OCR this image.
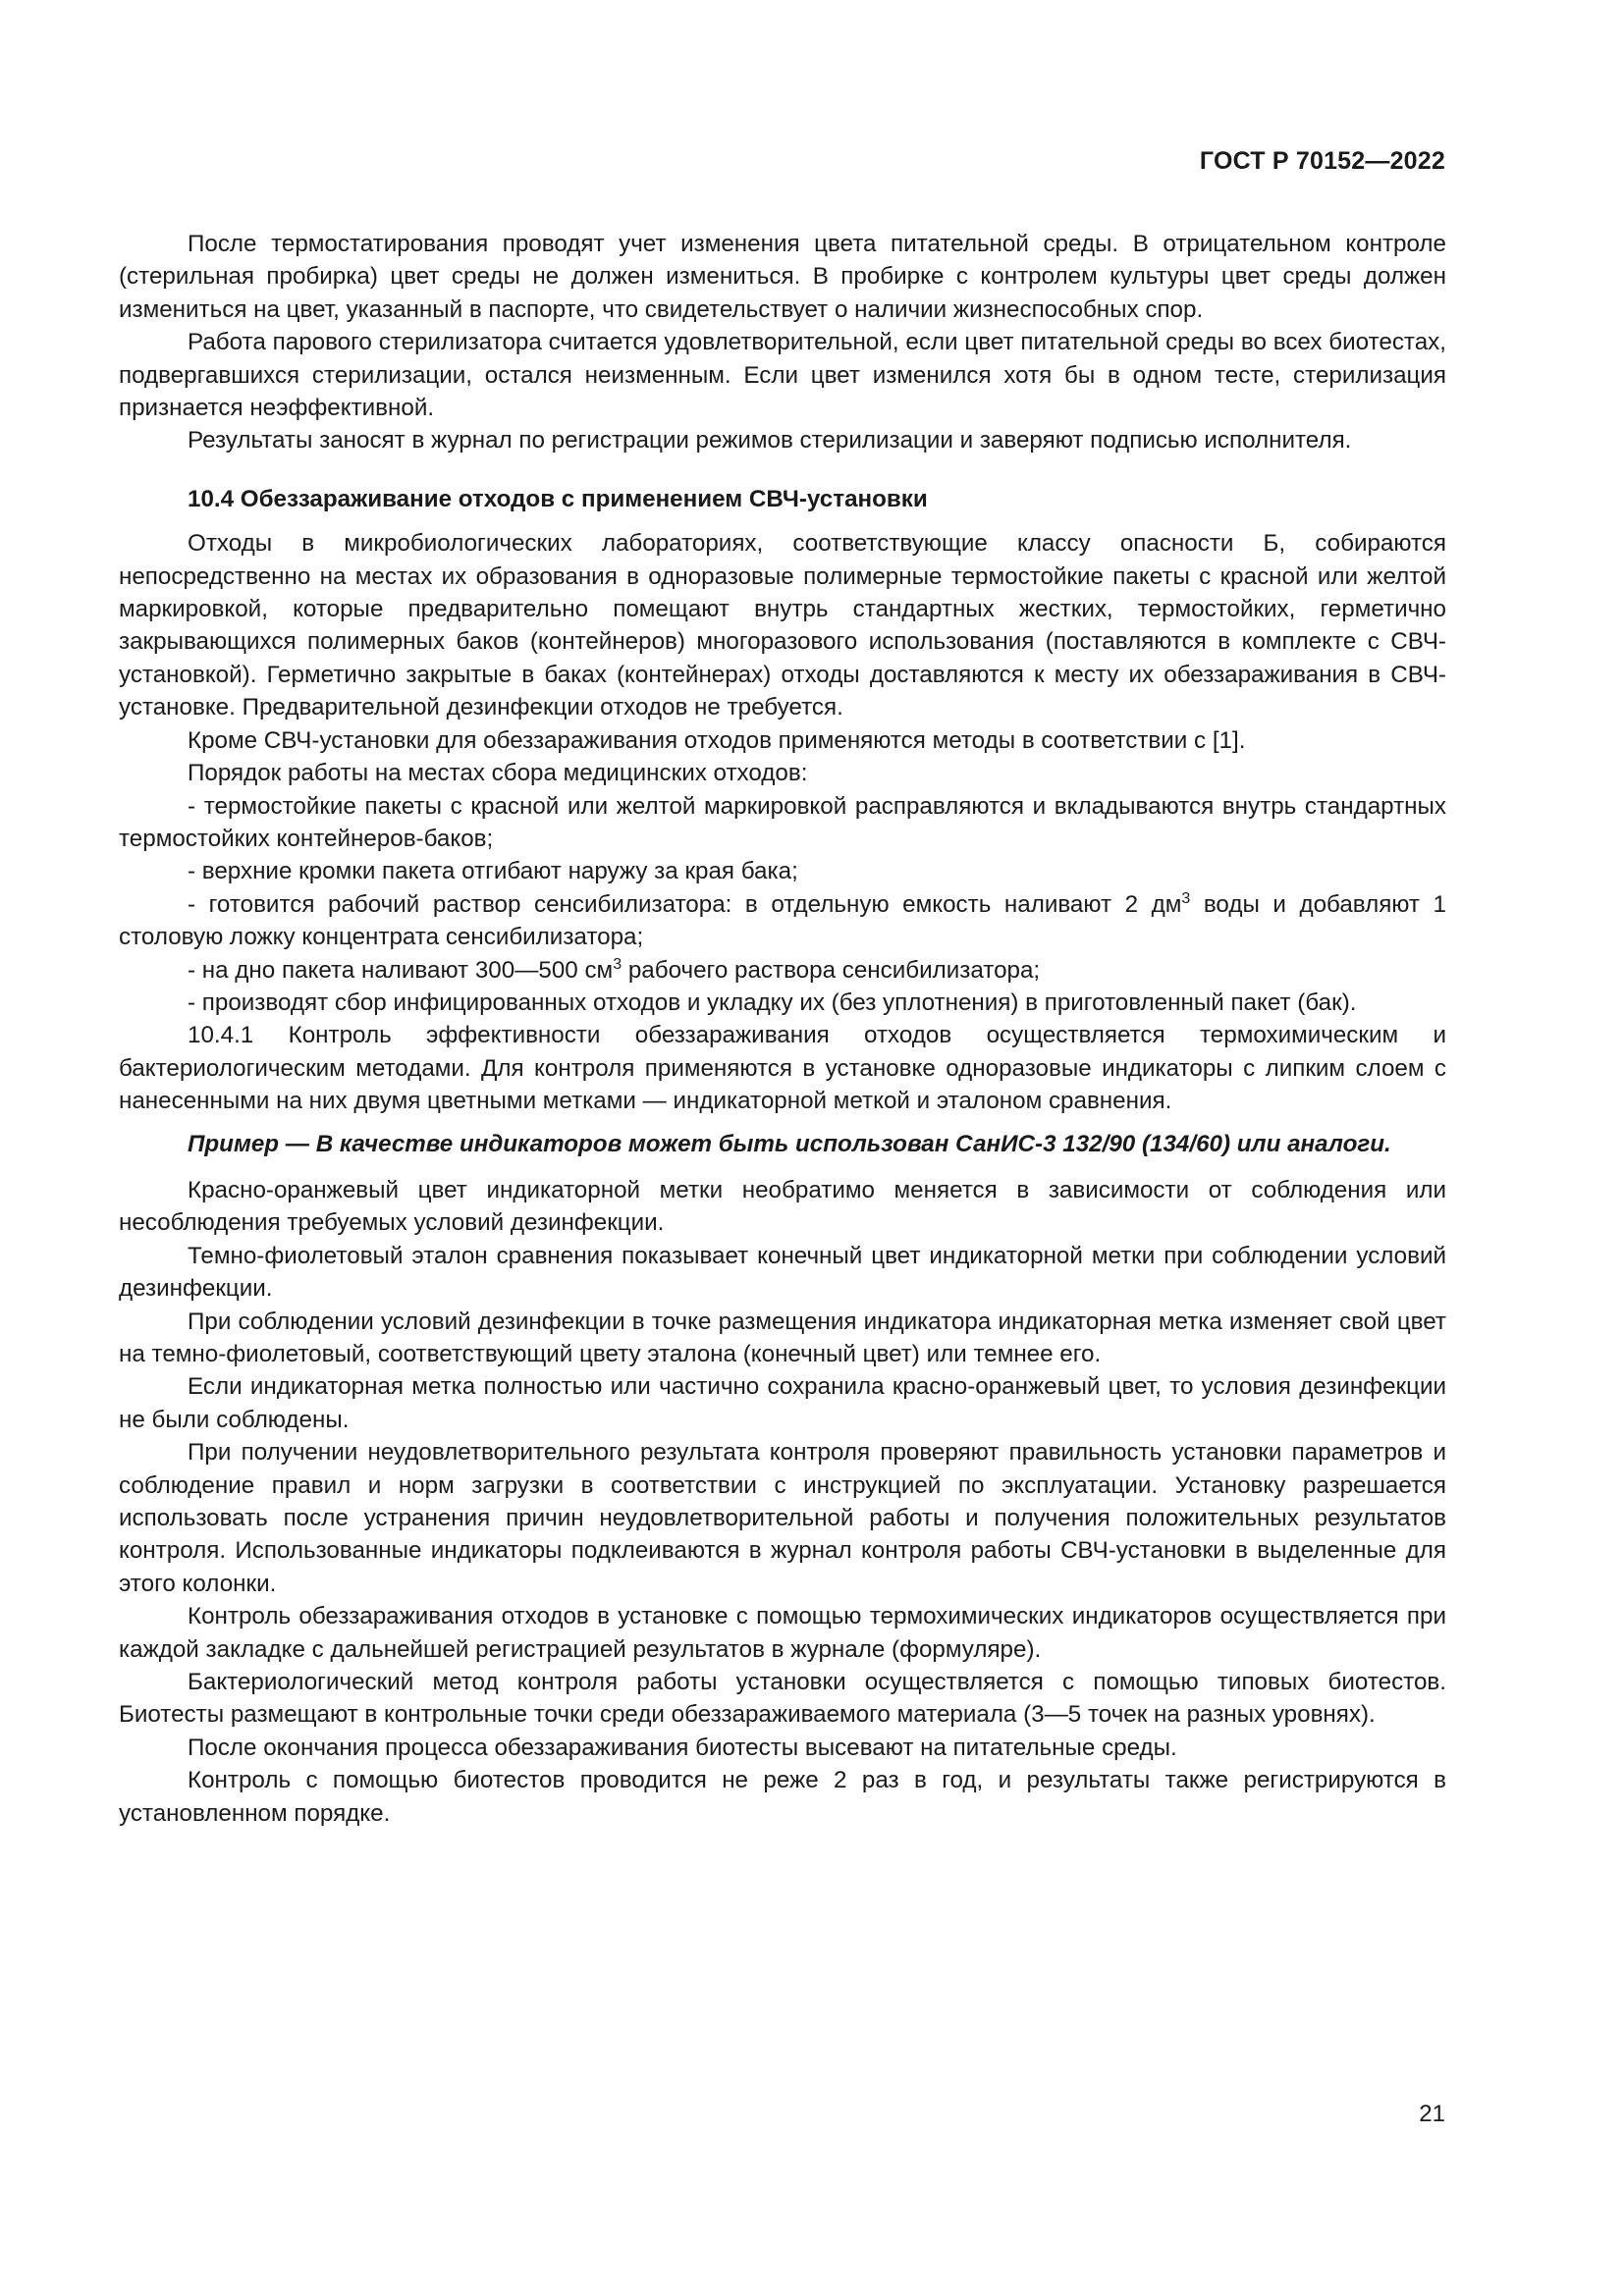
ГОСТ Р 70152—2022

После термостатирования проводят учет изменения цвета питательной среды. В отрицательном контроле (стерильная пробирка) цвет среды не должен измениться. В пробирке с контролем культуры цвет среды должен измениться на цвет, указанный в паспорте, что свидетельствует о наличии жизнеспособных спор.

Работа парового стерилизатора считается удовлетворительной, если цвет питательной среды во всех биотестах, подвергавшихся стерилизации, остался неизменным. Если цвет изменился хотя бы в одном тесте, стерилизация признается неэффективной.

Результаты заносят в журнал по регистрации режимов стерилизации и заверяют подписью исполнителя.

10.4 Обеззараживание отходов с применением СВЧ-установки

Отходы в микробиологических лабораториях, соответствующие классу опасности Б, собираются непосредственно на местах их образования в одноразовые полимерные термостойкие пакеты с красной или желтой маркировкой, которые предварительно помещают внутрь стандартных жестких, термостойких, герметично закрывающихся полимерных баков (контейнеров) многоразового использования (поставляются в комплекте с СВЧ-установкой). Герметично закрытые в баках (контейнерах) отходы доставляются к месту их обеззараживания в СВЧ-установке. Предварительной дезинфекции отходов не требуется.

Кроме СВЧ-установки для обеззараживания отходов применяются методы в соответствии с [1].

Порядок работы на местах сбора медицинских отходов:

- термостойкие пакеты с красной или желтой маркировкой расправляются и вкладываются внутрь стандартных термостойких контейнеров-баков;

- верхние кромки пакета отгибают наружу за края бака;

- готовится рабочий раствор сенсибилизатора: в отдельную емкость наливают 2 $дм^3$ воды и добавляют 1 столовую ложку концентрата сенсибилизатора;

- на дно пакета наливают 300—500 $см^3$ рабочего раствора сенсибилизатора;

- производят сбор инфицированных отходов и укладку их (без уплотнения) в приготовленный пакет (бак).

10.4.1 Контроль эффективности обеззараживания отходов осуществляется термохимическим и бактериологическим методами. Для контроля применяются в установке одноразовые индикаторы с липким слоем с нанесенными на них двумя цветными метками — индикаторной меткой и эталоном сравнения.

Пример — В качестве индикаторов может быть использован СанИС-3 132/90 (134/60) или аналоги.

Красно-оранжевый цвет индикаторной метки необратимо меняется в зависимости от соблюдения или несоблюдения требуемых условий дезинфекции.

Темно-фиолетовый эталон сравнения показывает конечный цвет индикаторной метки при соблюдении условий дезинфекции.

При соблюдении условий дезинфекции в точке размещения индикатора индикаторная метка изменяет свой цвет на темно-фиолетовый, соответствующий цвету эталона (конечный цвет) или темнее его.

Если индикаторная метка полностью или частично сохранила красно-оранжевый цвет, то условия дезинфекции не были соблюдены.

При получении неудовлетворительного результата контроля проверяют правильность установки параметров и соблюдение правил и норм загрузки в соответствии с инструкцией по эксплуатации. Установку разрешается использовать после устранения причин неудовлетворительной работы и получения положительных результатов контроля. Использованные индикаторы подклеиваются в журнал контроля работы СВЧ-установки в выделенные для этого колонки.

Контроль обеззараживания отходов в установке с помощью термохимических индикаторов осуществляется при каждой закладке с дальнейшей регистрацией результатов в журнале (формуляре).

Бактериологический метод контроля работы установки осуществляется с помощью типовых биотестов. Биотесты размещают в контрольные точки среди обеззараживаемого материала (3—5 точек на разных уровнях).

После окончания процесса обеззараживания биотесты высевают на питательные среды.

Контроль с помощью биотестов проводится не реже 2 раз в год, и результаты также регистрируются в установленном порядке.

21
